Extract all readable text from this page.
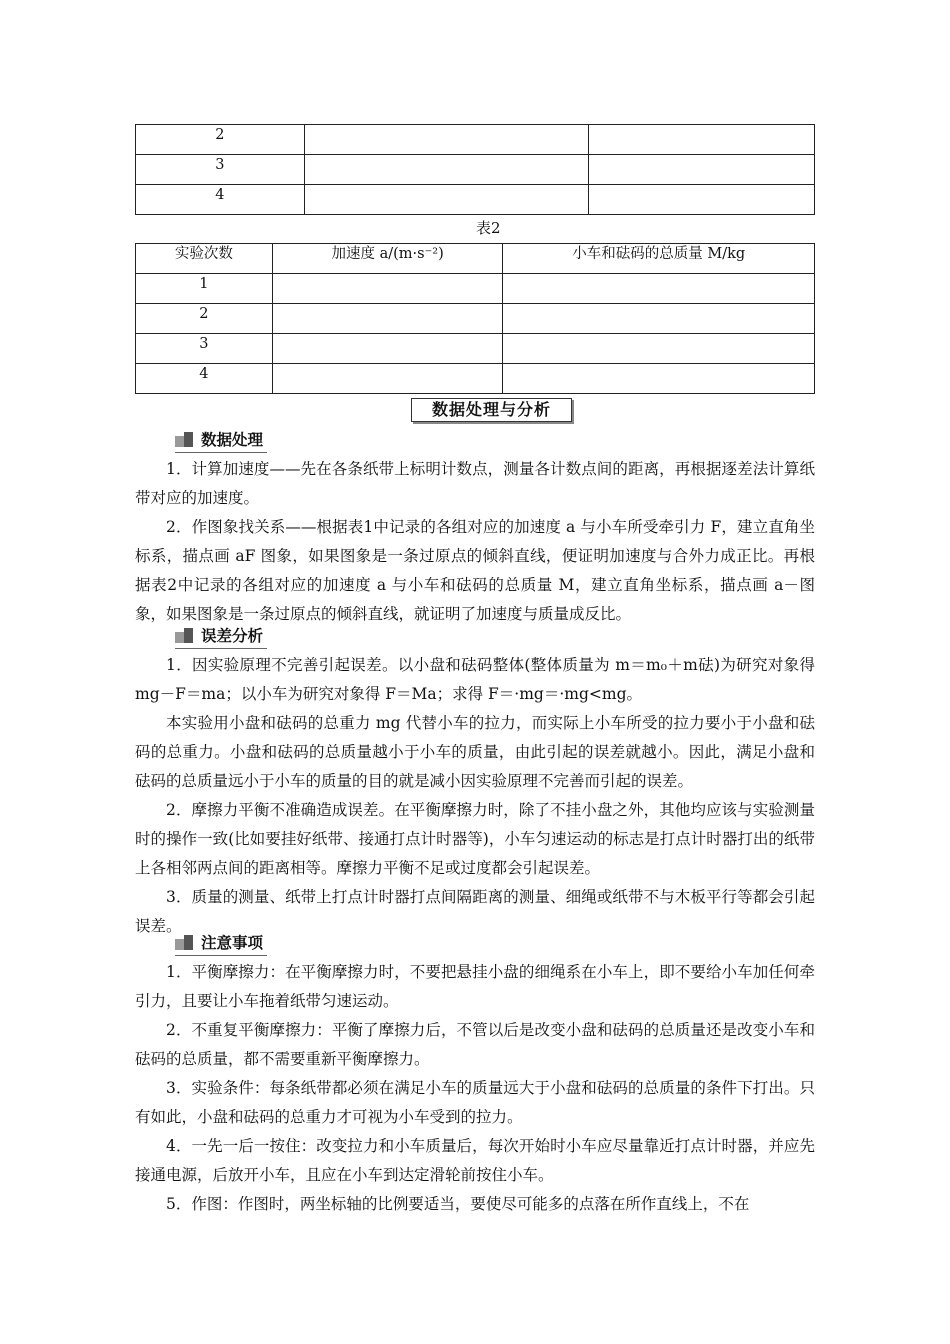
2		
3		
4		
表2
实验次数	加速度 a/(m·s⁻²)	小车和砝码的总质量 M/kg
1		
2		
3		
4		
数据处理与分析
数据处理

1．计算加速度——先在各条纸带上标明计数点，测量各计数点间的距离，再根据逐差法计算纸带对应的加速度。

2．作图象找关系——根据表1中记录的各组对应的加速度 a 与小车所受牵引力 F，建立直角坐标系，描点画 aF 图象，如果图象是一条过原点的倾斜直线，便证明加速度与合外力成正比。再根据表2中记录的各组对应的加速度 a 与小车和砝码的总质量 M，建立直角坐标系，描点画 a－图象，如果图象是一条过原点的倾斜直线，就证明了加速度与质量成反比。

误差分析

1．因实验原理不完善引起误差。以小盘和砝码整体(整体质量为 m＝m₀＋m砝)为研究对象得 mg－F＝ma；以小车为研究对象得 F＝Ma；求得 F＝·mg＝·mg<mg。

本实验用小盘和砝码的总重力 mg 代替小车的拉力，而实际上小车所受的拉力要小于小盘和砝码的总重力。小盘和砝码的总质量越小于小车的质量，由此引起的误差就越小。因此，满足小盘和砝码的总质量远小于小车的质量的目的就是减小因实验原理不完善而引起的误差。

2．摩擦力平衡不准确造成误差。在平衡摩擦力时，除了不挂小盘之外，其他均应该与实验测量时的操作一致(比如要挂好纸带、接通打点计时器等)，小车匀速运动的标志是打点计时器打出的纸带上各相邻两点间的距离相等。摩擦力平衡不足或过度都会引起误差。

3．质量的测量、纸带上打点计时器打点间隔距离的测量、细绳或纸带不与木板平行等都会引起误差。

注意事项

1．平衡摩擦力：在平衡摩擦力时，不要把悬挂小盘的细绳系在小车上，即不要给小车加任何牵引力，且要让小车拖着纸带匀速运动。

2．不重复平衡摩擦力：平衡了摩擦力后，不管以后是改变小盘和砝码的总质量还是改变小车和砝码的总质量，都不需要重新平衡摩擦力。

3．实验条件：每条纸带都必须在满足小车的质量远大于小盘和砝码的总质量的条件下打出。只有如此，小盘和砝码的总重力才可视为小车受到的拉力。

4．一先一后一按住：改变拉力和小车质量后，每次开始时小车应尽量靠近打点计时器，并应先接通电源，后放开小车，且应在小车到达定滑轮前按住小车。

5．作图：作图时，两坐标轴的比例要适当，要使尽可能多的点落在所作直线上，不在
